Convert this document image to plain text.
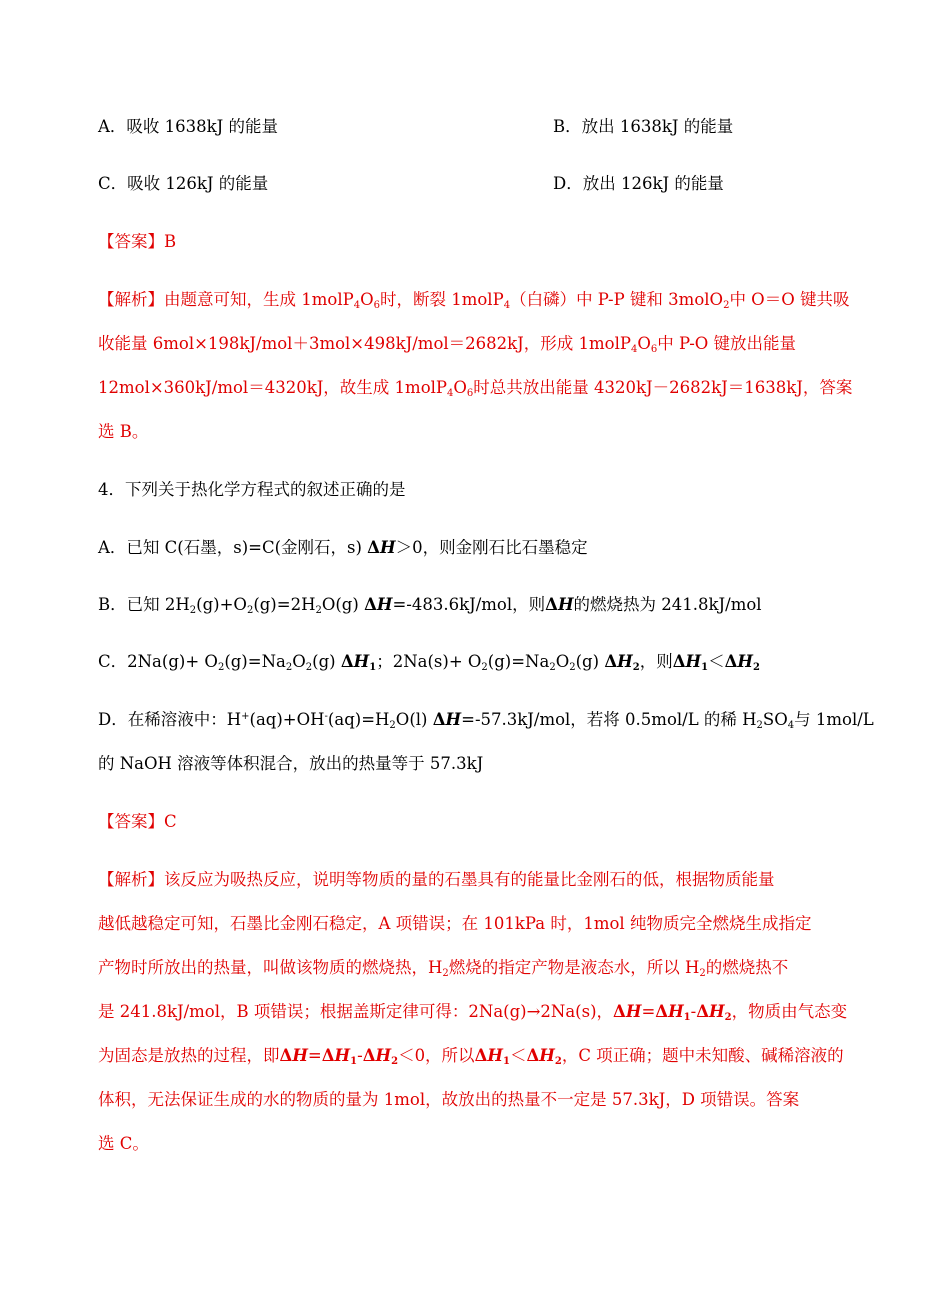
A．吸收 1638kJ 的能量	B．放出 1638kJ 的能量
C．吸收 126kJ 的能量	D．放出 126kJ 的能量
【答案】B
【解析】由题意可知，生成 $1molP_4O_6$时，断裂 1molP$_4$（白磷）中 P-P 键和 3molO$_2$中 O＝O 键共吸
收能量 6mol×198kJ/mol＋3mol×498kJ/mol＝2682kJ，形成 $1molP_4O_6$中 P-O 键放出能量
12mol×360kJ/mol＝4320kJ，故生成 $1molP_4O_6$时总共放出能量 4320kJ－2682kJ＝1638kJ，答案
选 B。
4．下列关于热化学方程式的叙述正确的是
A．已知 C(石墨，s)=C(金刚石，s) ΔH＞0，则金刚石比石墨稳定
B．已知 $2H_2(g)+O_2(g)=2H_2O(g)$ ΔH=-483.6kJ/mol，则ΔH的燃烧热为 241.8kJ/mol
C．$2Na(g)+ O_2(g)=Na_2O_2(g)$ $\Delta H_1$；$2Na(s)+ O_2(g)=Na_2O_2(g)$ $\Delta H_2$，则$\Delta H_1<\Delta H_2$
D．在稀溶液中：$H^+(aq)+OH^-(aq)=H_2O(l)$ ΔH=-57.3kJ/mol，若将 0.5mol/L 的稀 $H_2SO_4$与 1mol/L
的 NaOH 溶液等体积混合，放出的热量等于 57.3kJ
【答案】C
【解析】该反应为吸热反应，说明等物质的量的石墨具有的能量比金刚石的低，根据物质能量
越低越稳定可知，石墨比金刚石稳定，A 项错误；在 101kPa 时，1mol 纯物质完全燃烧生成指定
产物时所放出的热量，叫做该物质的燃烧热，$H_2$燃烧的指定产物是液态水，所以 $H_2$的燃烧热不
是 241.8kJ/mol，B 项错误；根据盖斯定律可得：2Na(g)→2Na(s)，$\Delta H=\Delta H_1-\Delta H_2$，物质由气态变
为固态是放热的过程，即$\Delta H=\Delta H_1-\Delta H_2<0$，所以$\Delta H_1<\Delta H_2$，C 项正确；题中未知酸、碱稀溶液的
体积，无法保证生成的水的物质的量为 1mol，故放出的热量不一定是 57.3kJ，D 项错误。答案
选 C。
